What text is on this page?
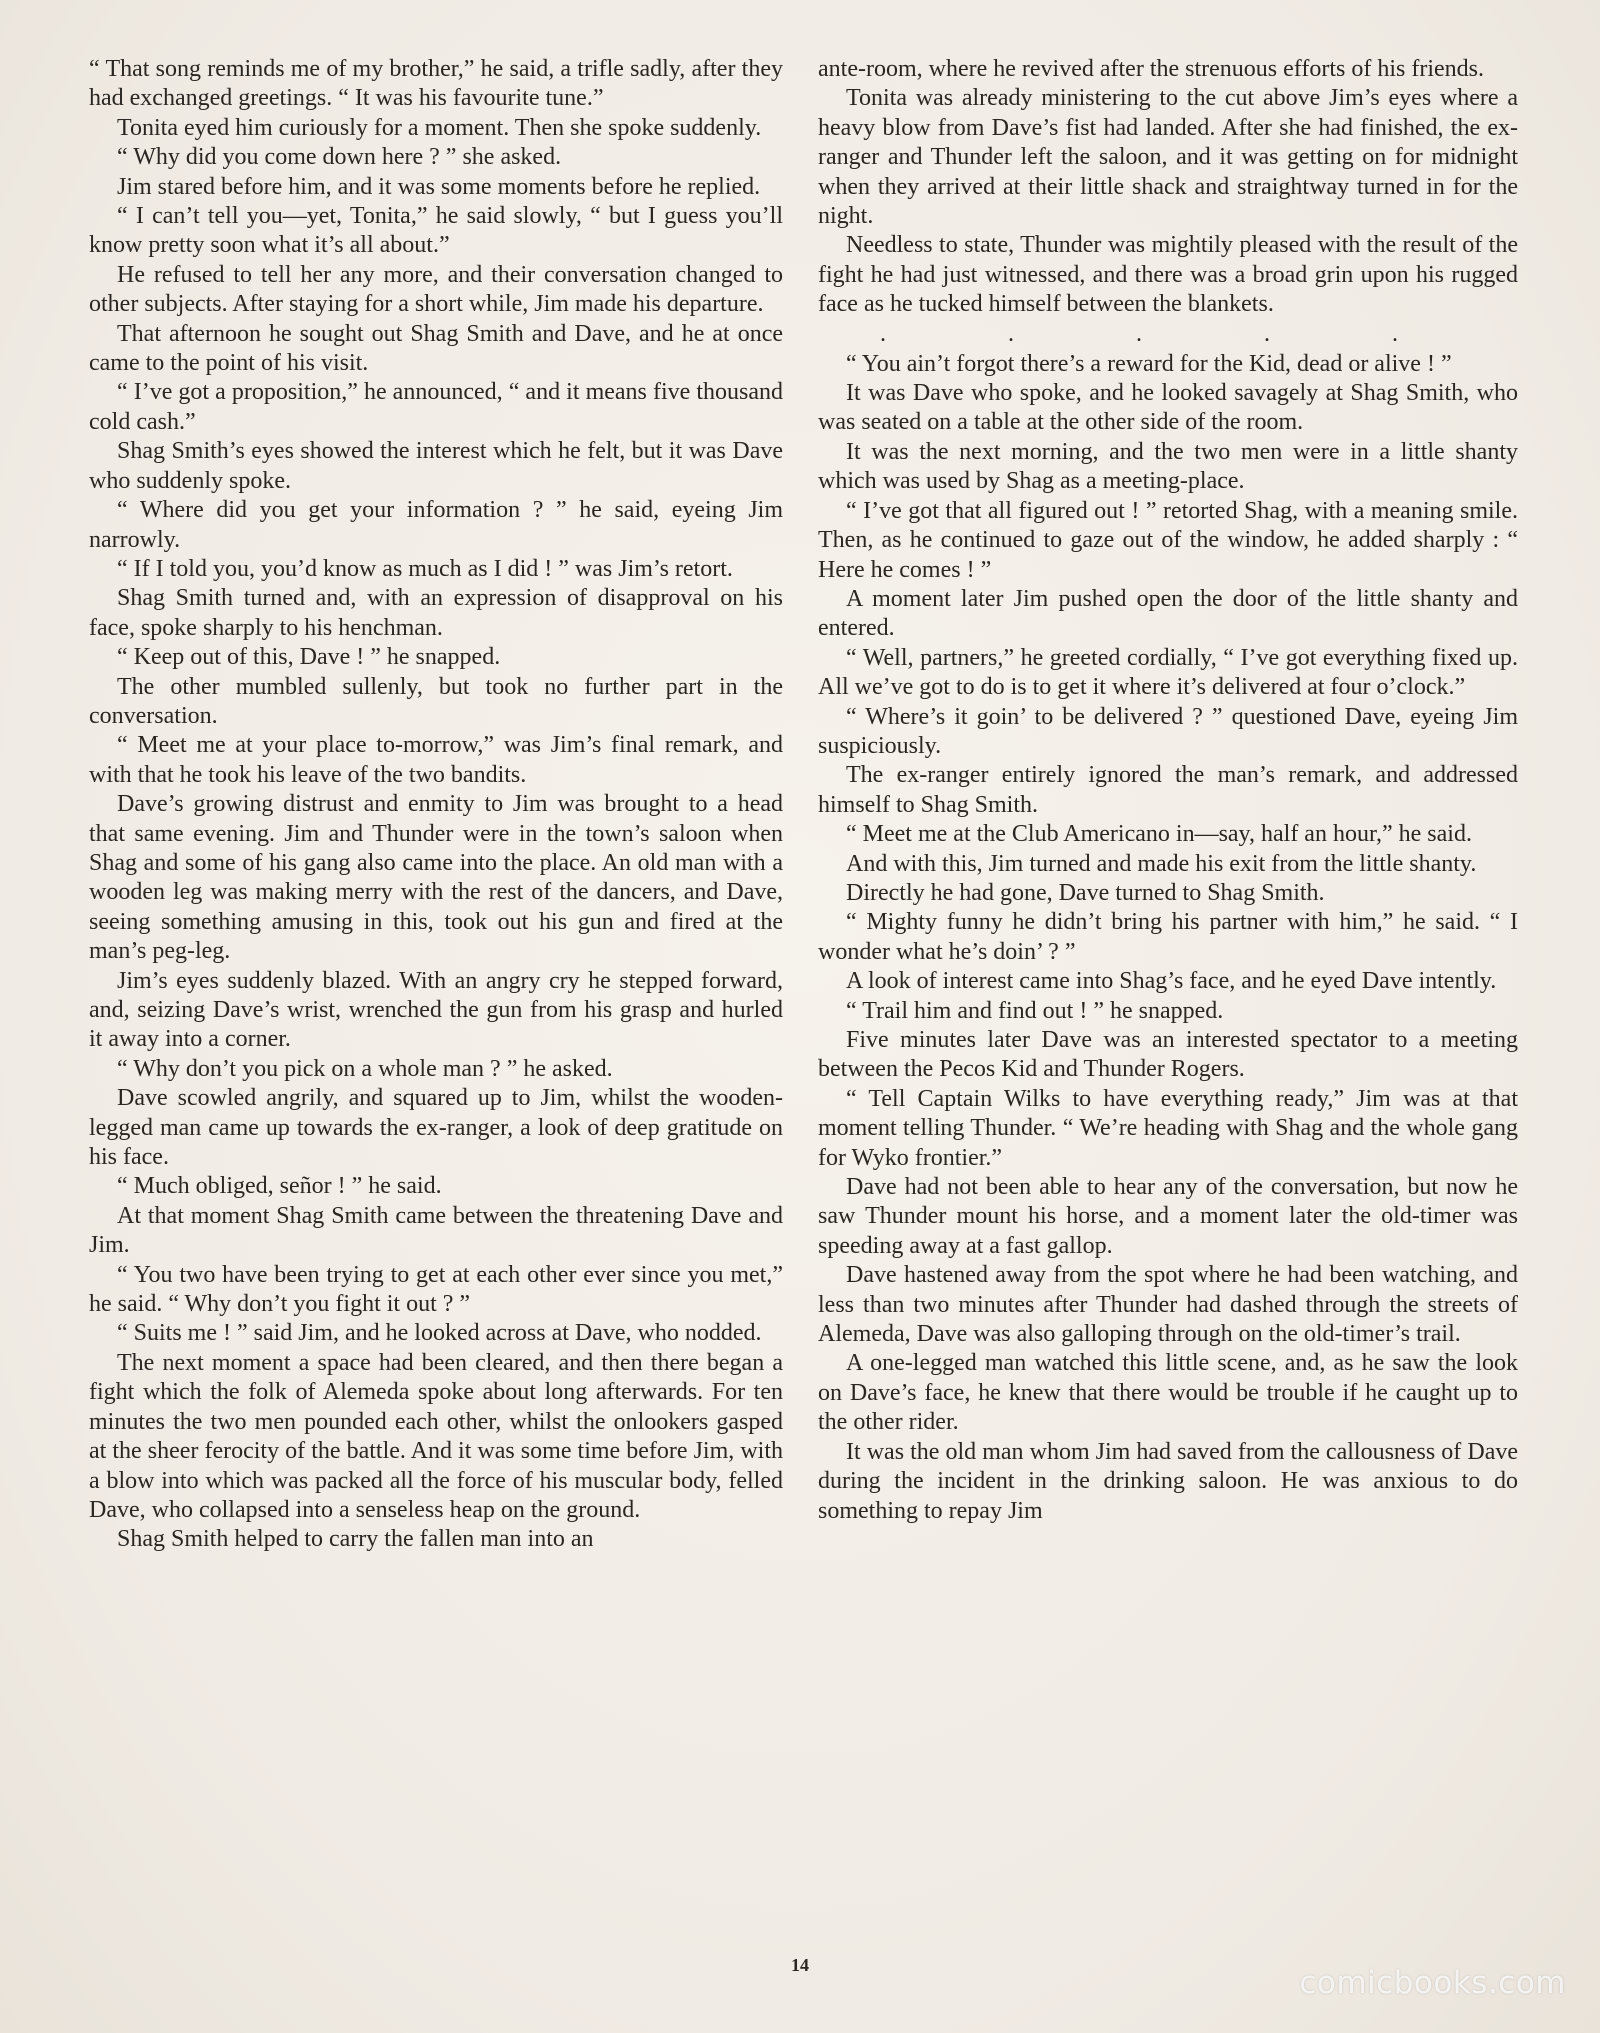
“ That song reminds me of my brother,” he said, a trifle sadly, after they had exchanged greetings. “ It was his favourite tune.”

Tonita eyed him curiously for a moment. Then she spoke suddenly.

“ Why did you come down here ? ” she asked.

Jim stared before him, and it was some moments before he replied.

“ I can’t tell you—yet, Tonita,” he said slowly, “ but I guess you’ll know pretty soon what it’s all about.”

He refused to tell her any more, and their conversation changed to other subjects. After staying for a short while, Jim made his departure.

That afternoon he sought out Shag Smith and Dave, and he at once came to the point of his visit.

“ I’ve got a proposition,” he announced, “ and it means five thousand cold cash.”

Shag Smith’s eyes showed the interest which he felt, but it was Dave who suddenly spoke.

“ Where did you get your information ? ” he said, eyeing Jim narrowly.

“ If I told you, you’d know as much as I did ! ” was Jim’s retort.

Shag Smith turned and, with an expression of disapproval on his face, spoke sharply to his henchman.

“ Keep out of this, Dave ! ” he snapped.

The other mumbled sullenly, but took no further part in the conversation.

“ Meet me at your place to-morrow,” was Jim’s final remark, and with that he took his leave of the two bandits.

Dave’s growing distrust and enmity to Jim was brought to a head that same evening. Jim and Thunder were in the town’s saloon when Shag and some of his gang also came into the place. An old man with a wooden leg was making merry with the rest of the dancers, and Dave, seeing something amusing in this, took out his gun and fired at the man’s peg-leg.

Jim’s eyes suddenly blazed. With an angry cry he stepped forward, and, seizing Dave’s wrist, wrenched the gun from his grasp and hurled it away into a corner.

“ Why don’t you pick on a whole man ? ” he asked.

Dave scowled angrily, and squared up to Jim, whilst the wooden-legged man came up towards the ex-ranger, a look of deep gratitude on his face.

“ Much obliged, señor ! ” he said.

At that moment Shag Smith came between the threatening Dave and Jim.

“ You two have been trying to get at each other ever since you met,” he said. “ Why don’t you fight it out ? ”

“ Suits me ! ” said Jim, and he looked across at Dave, who nodded.

The next moment a space had been cleared, and then there began a fight which the folk of Alemeda spoke about long afterwards. For ten minutes the two men pounded each other, whilst the onlookers gasped at the sheer ferocity of the battle. And it was some time before Jim, with a blow into which was packed all the force of his muscular body, felled Dave, who collapsed into a senseless heap on the ground.

Shag Smith helped to carry the fallen man into an

ante-room, where he revived after the strenuous efforts of his friends.

Tonita was already ministering to the cut above Jim’s eyes where a heavy blow from Dave’s fist had landed. After she had finished, the ex-ranger and Thunder left the saloon, and it was getting on for midnight when they arrived at their little shack and straightway turned in for the night.

Needless to state, Thunder was mightily pleased with the result of the fight he had just witnessed, and there was a broad grin upon his rugged face as he tucked himself between the blankets.

. . . . .

“ You ain’t forgot there’s a reward for the Kid, dead or alive ! ”

It was Dave who spoke, and he looked savagely at Shag Smith, who was seated on a table at the other side of the room.

It was the next morning, and the two men were in a little shanty which was used by Shag as a meeting-place.

“ I’ve got that all figured out ! ” retorted Shag, with a meaning smile. Then, as he continued to gaze out of the window, he added sharply : “ Here he comes ! ”

A moment later Jim pushed open the door of the little shanty and entered.

“ Well, partners,” he greeted cordially, “ I’ve got everything fixed up. All we’ve got to do is to get it where it’s delivered at four o’clock.”

“ Where’s it goin’ to be delivered ? ” questioned Dave, eyeing Jim suspiciously.

The ex-ranger entirely ignored the man’s remark, and addressed himself to Shag Smith.

“ Meet me at the Club Americano in—say, half an hour,” he said.

And with this, Jim turned and made his exit from the little shanty.

Directly he had gone, Dave turned to Shag Smith.

“ Mighty funny he didn’t bring his partner with him,” he said. “ I wonder what he’s doin’ ? ”

A look of interest came into Shag’s face, and he eyed Dave intently.

“ Trail him and find out ! ” he snapped.

Five minutes later Dave was an interested spectator to a meeting between the Pecos Kid and Thunder Rogers.

“ Tell Captain Wilks to have everything ready,” Jim was at that moment telling Thunder. “ We’re heading with Shag and the whole gang for Wyko frontier.”

Dave had not been able to hear any of the conversation, but now he saw Thunder mount his horse, and a moment later the old-timer was speeding away at a fast gallop.

Dave hastened away from the spot where he had been watching, and less than two minutes after Thunder had dashed through the streets of Alemeda, Dave was also galloping through on the old-timer’s trail.

A one-legged man watched this little scene, and, as he saw the look on Dave’s face, he knew that there would be trouble if he caught up to the other rider.

It was the old man whom Jim had saved from the callousness of Dave during the incident in the drinking saloon. He was anxious to do something to repay Jim

14	comicbooks.com
